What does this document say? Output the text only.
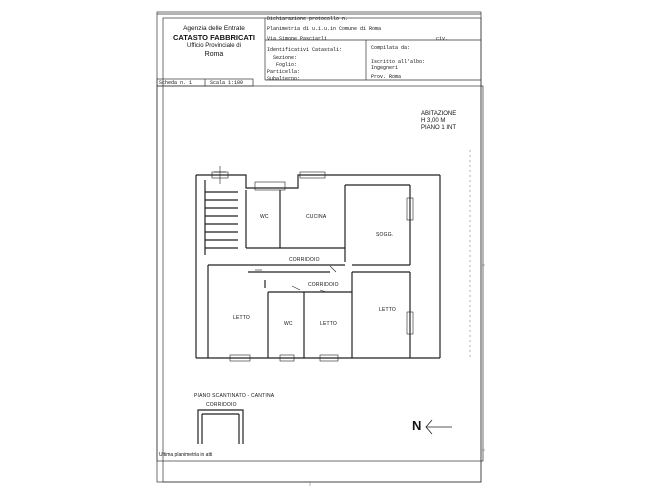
Agenzia delle Entrate
CATASTO FABBRICATI
Ufficio Provinciale di
Roma
Dichiarazione protocollo n.
Planimetria di u.i.u.in Comune di Roma
Via Simone Pasciarli	civ.
Identificativi Catastali:
Sezione:
Foglio:
Particella:
Subalterno:
Compilata da:
Iscritto all'albo:
Ingegneri
Prov. Roma
Scheda n. 1	Scala 1:100
ABITAZIONE
H 3,00 M
PIANO 1 INT
WC	CUCINA
SOGG.
CORRIDOIO
CORRIDOIO
LETTO
WC	LETTO
LETTO
PIANO SCANTINATO - CANTINA
CORRIDOIO
N
Ultima planimetria in atti
